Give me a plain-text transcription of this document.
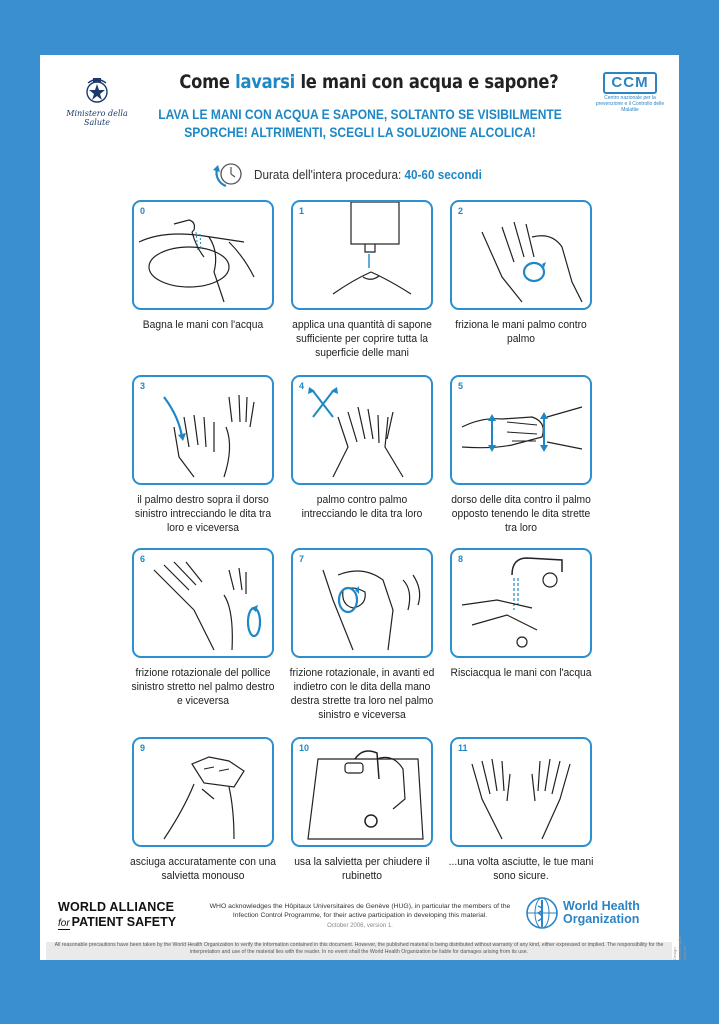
Ministero della Salute
Come lavarsi le mani con acqua e sapone?
LAVA LE MANI CON ACQUA E SAPONE, SOLTANTO SE VISIBILMENTE SPORCHE! ALTRIMENTI, SCEGLI LA SOLUZIONE ALCOLICA!
CCM
Centro nazionale per la prevenzione e il Controllo delle Malattie
Durata dell'intera procedura: 40-60 secondi
0
Bagna le mani con l'acqua
1
applica una quantità di sapone sufficiente per coprire tutta la superficie delle mani
2
friziona le mani palmo contro palmo
3
il palmo destro sopra il dorso sinistro intrecciando le dita tra loro e viceversa
4
palmo contro palmo intrecciando le dita tra loro
5
dorso delle dita contro il palmo opposto tenendo le dita strette tra loro
6
frizione rotazionale del pollice sinistro stretto nel palmo destro e viceversa
7
frizione rotazionale, in avanti ed indietro con le dita della mano destra strette tra loro nel palmo sinistro e viceversa
8
Risciacqua le mani con l'acqua
9
asciuga accuratamente con una salvietta monouso
10
usa la salvietta per chiudere il rubinetto
11
...una volta asciutte, le tue mani sono sicure.
WORLD ALLIANCE
for PATIENT SAFETY
WHO acknowledges the Hôpitaux Universitaires de Genève (HUG), in particular the members of the Infection Control Programme, for their active participation in developing this material.
October 2006, version 1.
World Health
Organization
All reasonable precautions have been taken by the World Health Organization to verify the information contained in this document. However, the published material is being distributed without warranty of any kind, either expressed or implied. The responsibility for the interpretation and use of the material lies with the reader. In no event shall the World Health Organization be liable for damages arising from its use.	Design: mondofragilis network
